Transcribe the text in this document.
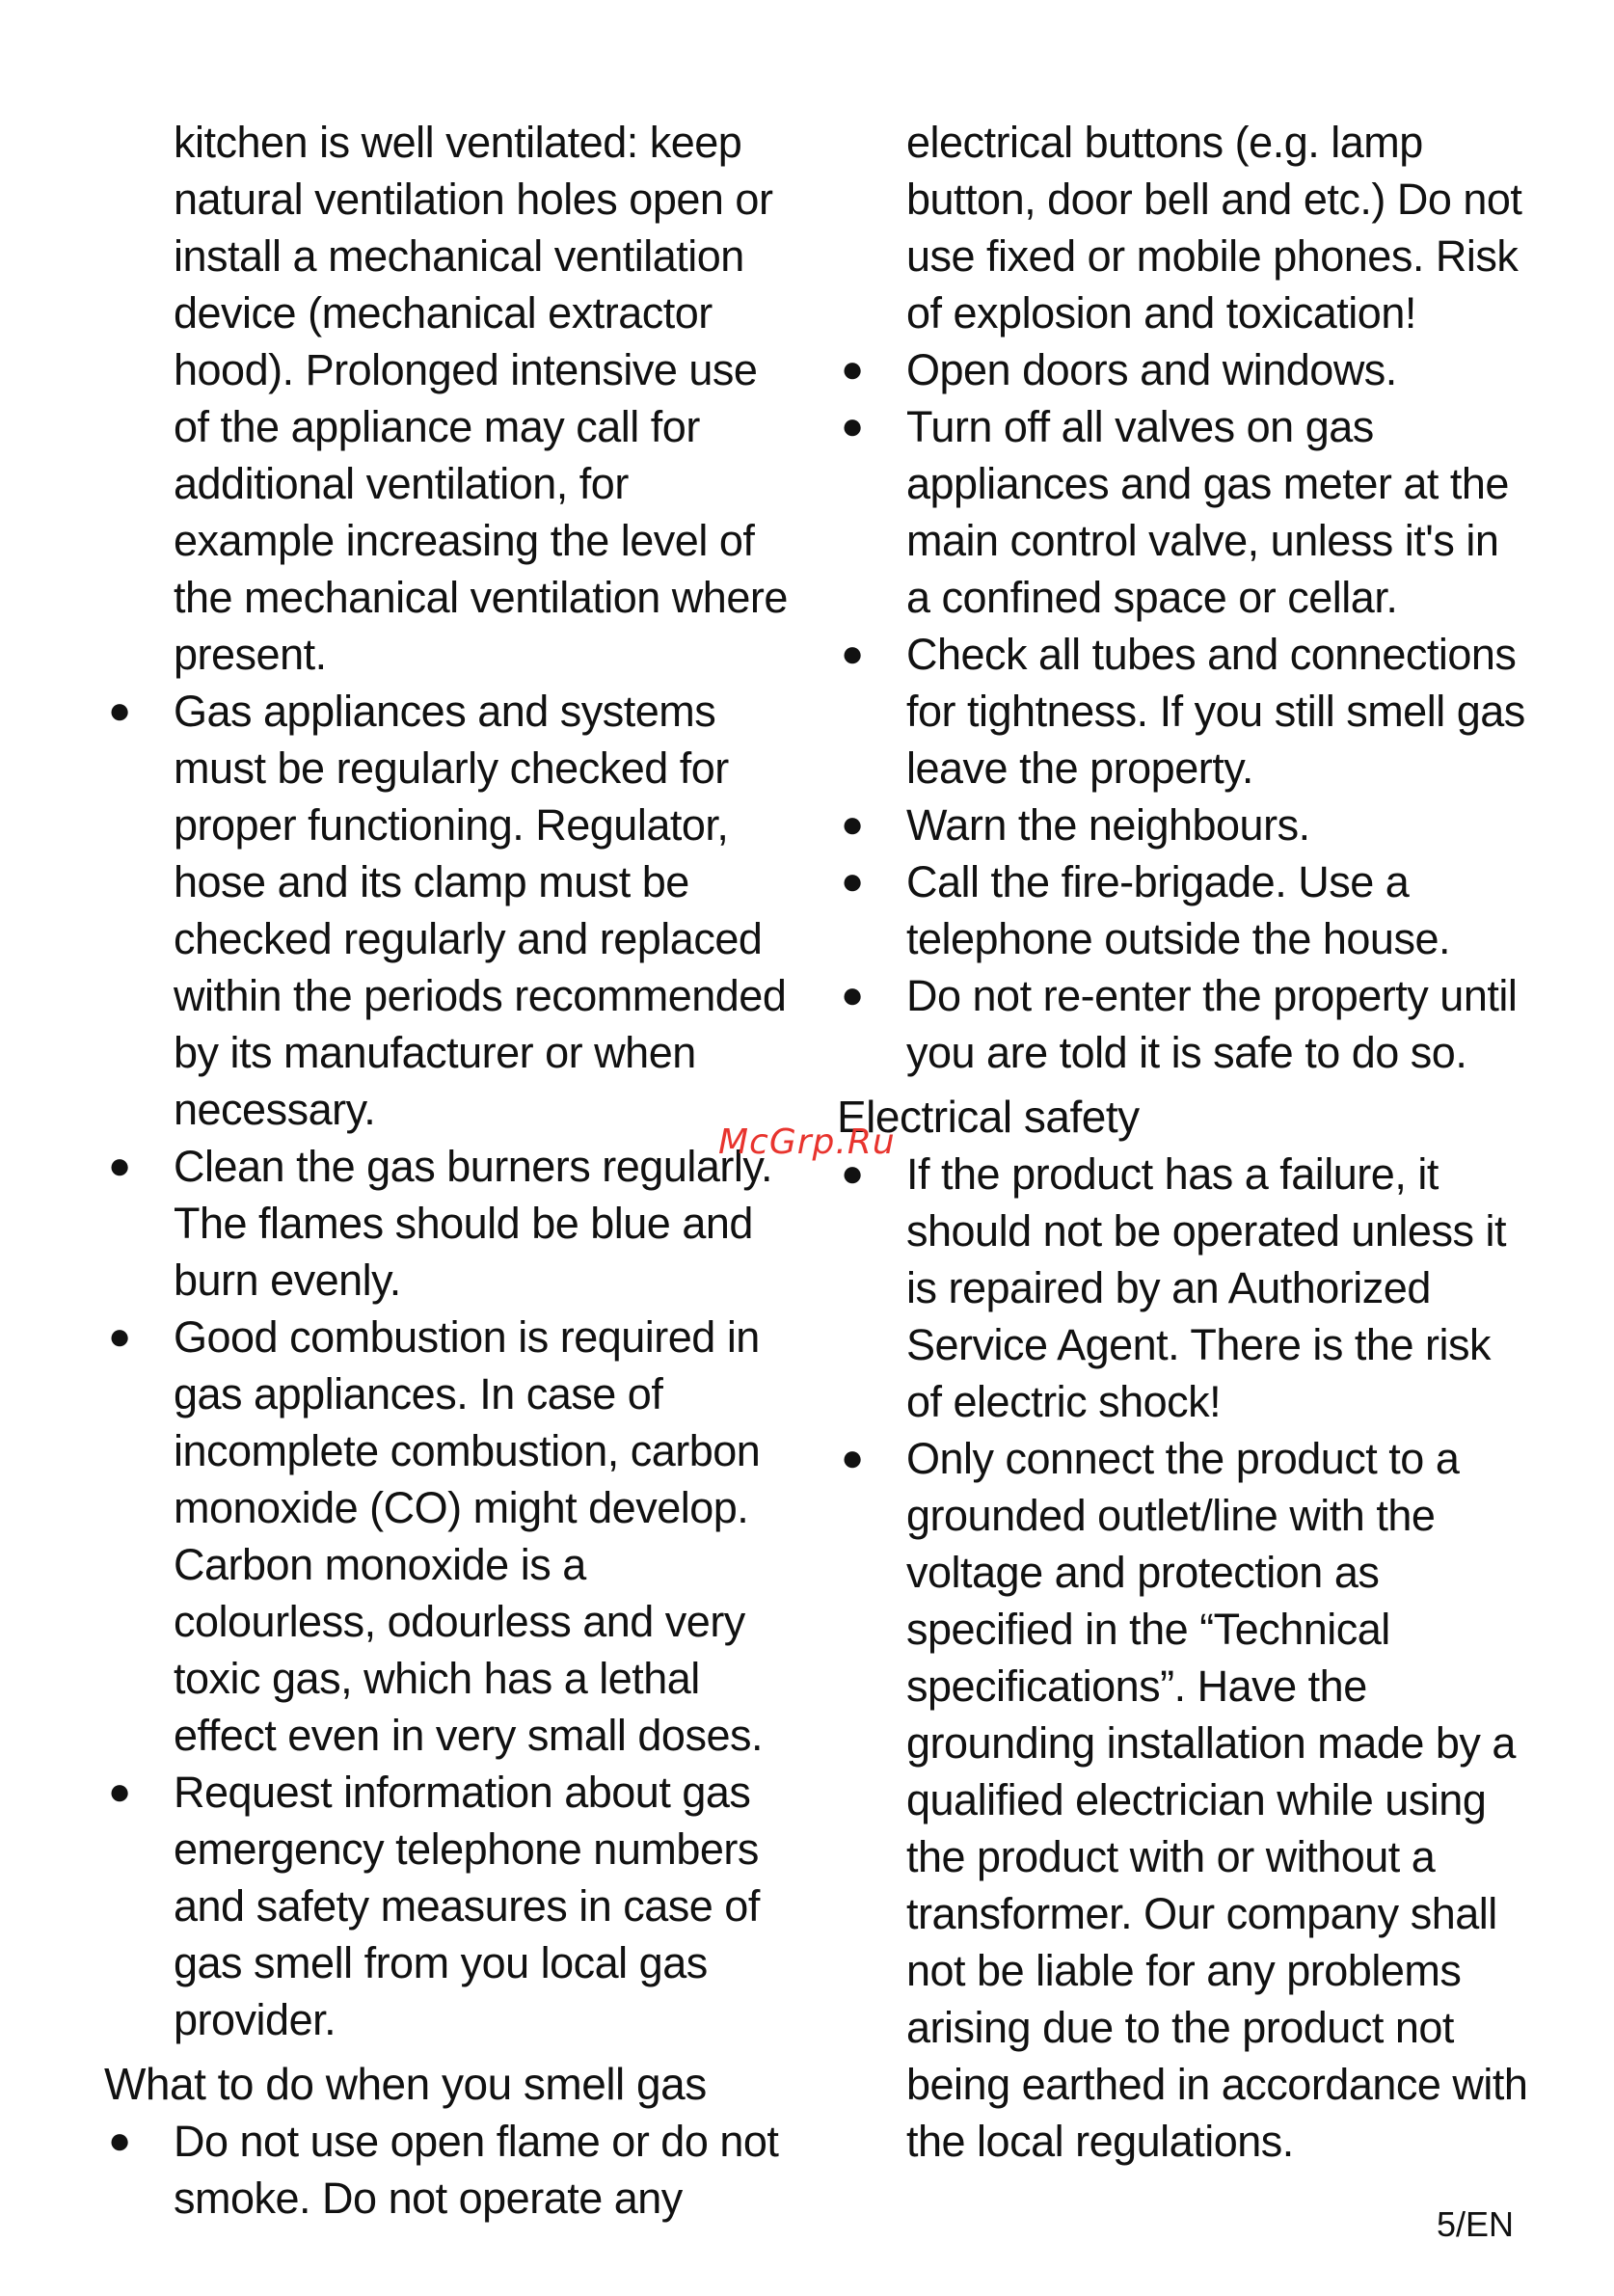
kitchen is well ventilated: keep natural ventilation holes open or install a mechanical ventilation device (mechanical extractor hood). Prolonged intensive use of the appliance may call for additional ventilation, for example increasing the level of the mechanical ventilation where present.

● Gas appliances and systems must be regularly checked for proper functioning. Regulator, hose and its clamp must be checked regularly and replaced within the periods recommended by its manufacturer or when necessary.
● Clean the gas burners regularly. The flames should be blue and burn evenly.
● Good combustion is required in gas appliances. In case of incomplete combustion, carbon monoxide (CO) might develop. Carbon monoxide is a colourless, odourless and very toxic gas, which has a lethal effect even in very small doses.
● Request information about gas emergency telephone numbers and safety measures in case of gas smell from you local gas provider.
What to do when you smell gas
● Do not use open flame or do not smoke. Do not operate any

electrical buttons (e.g. lamp button, door bell and etc.) Do not use fixed or mobile phones. Risk of explosion and toxication!

● Open doors and windows.
● Turn off all valves on gas appliances and gas meter at the main control valve, unless it's in a confined space or cellar.
● Check all tubes and connections for tightness. If you still smell gas leave the property.
● Warn the neighbours.
● Call the fire-brigade. Use a telephone outside the house.
● Do not re-enter the property until you are told it is safe to do so.
Electrical safety
● If the product has a failure, it should not be operated unless it is repaired by an Authorized Service Agent. There is the risk of electric shock!
● Only connect the product to a grounded outlet/line with the voltage and protection as specified in the “Technical specifications”. Have the grounding installation made by a qualified electrician while using the product with or without a transformer. Our company shall not be liable for any problems arising due to the product not being earthed in accordance with the local regulations.
McGrp.Ru
5/EN
